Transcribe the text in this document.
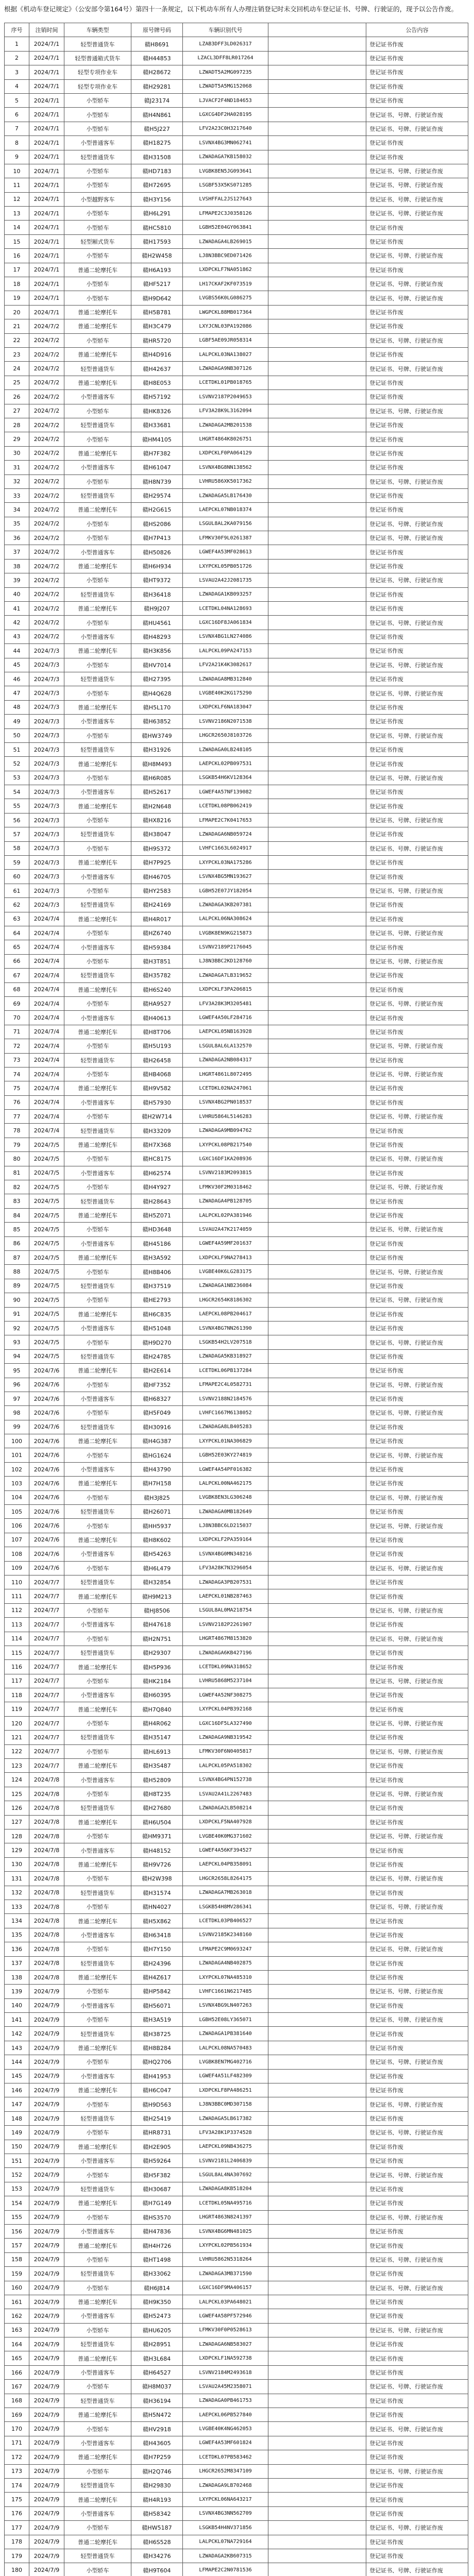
根据《机动车登记规定》（公安部令第164号）第四十一条规定，以下机动车所有人办理注销登记时未交回机动车登记证书、号牌、行驶证的，现予以公告作废。
序号	注销时间	车辆类型	原号牌号码	车辆识别代号		公告内容
1	2024/7/1	轻型普通货车	赣H8691	LZAB3DFF3LD026317		登记证书作废
2	2024/7/1	轻型普通箱式货车	赣H44853	LZACL3DFF8LR017264		登记证书作废
3	2024/7/1	轻型专项作业车	赣H28672	LZWADT5A2MG097235		登记证书作废
4	2024/7/1	轻型专项作业车	赣H29281	LZWADT5A5MG152068		登记证书作废
5	2024/7/1	小型轿车	赣J23174	LJVACF2F4ND184653		登记证书作废
6	2024/7/1	小型轿车	赣H4N861	LGXCG4DF2HA028195		登记证书、号牌、行驶证作废
7	2024/7/1	小型轿车	赣H5J227	LFV2A23C0H3217640		登记证书、号牌、行驶证作废
8	2024/7/1	小型普通客车	赣H18275	LSVNX4BG3MN062741		登记证书作废
9	2024/7/1	轻型普通货车	赣H31508	LZWADAGA7KB158032		登记证书作废
10	2024/7/1	小型轿车	赣HD7183	LVGBK8EN5JG093641		登记证书、号牌、行驶证作废
11	2024/7/1	小型轿车	赣H72695	LSGBF53X5KS071285		登记证书、号牌、行驶证作废
12	2024/7/1	小型越野客车	赣H3Y156	LVSHFFAL2JS127643		登记证书、号牌、行驶证作废
13	2024/7/1	小型轿车	赣H6L291	LFMAPE2C3J0358126		登记证书、号牌、行驶证作废
14	2024/7/1	小型轿车	赣HC5810	LGBH52E04GY063841		登记证书作废
15	2024/7/1	轻型厢式货车	赣H17593	LZWADAGA4LB269015		登记证书作废
16	2024/7/1	小型轿车	赣H2W458	LJ8N3BBC9ED071426		登记证书、号牌、行驶证作废
17	2024/7/1	普通二轮摩托车	赣H6A193	LXDPCKLF7NA051862		登记证书作废
18	2024/7/1	小型轿车	赣HF5217	LH17CKAF2KF073519		登记证书、号牌、行驶证作废
19	2024/7/1	小型轿车	赣H9D642	LVGBS56K0LG086275		登记证书、号牌、行驶证作废
20	2024/7/1	普通二轮摩托车	赣H5B781	LWGPCKL88MB017364		登记证书作废
21	2024/7/2	普通二轮摩托车	赣H3C479	LXYJCNL03PA192086		登记证书作废
22	2024/7/2	小型轿车	赣HR5720	LGBF5AE09JR058314		登记证书、号牌、行驶证作废
23	2024/7/2	普通二轮摩托车	赣H4D916	LALPCKL03NA138027		登记证书作废
24	2024/7/2	轻型普通货车	赣H42637	LZWADAGA9NB307126		登记证书、号牌、行驶证作废
25	2024/7/2	普通二轮摩托车	赣H8E053	LCETDKL01PB018765		登记证书作废
26	2024/7/2	小型普通客车	赣H57192	LSVNV2187P2049653		登记证书作废
27	2024/7/2	小型轿车	赣HK8326	LFV3A28K9L3162094		登记证书、号牌、行驶证作废
28	2024/7/2	轻型普通货车	赣H33681	LZWADAGA2MB201538		登记证书作废
29	2024/7/2	小型轿车	赣HM4105	LHGRT4864K8026751		登记证书作废
30	2024/7/2	普通二轮摩托车	赣H7F382	LXDPCKLF0PA064129		登记证书作废
31	2024/7/2	小型普通客车	赣H61047	LSVNX4BG8NN138562		登记证书作废
32	2024/7/2	小型轿车	赣H8N739	LVHRU586XK5017362		登记证书、号牌、行驶证作废
33	2024/7/2	轻型普通货车	赣H29574	LZWADAGA5LB176430		登记证书作废
34	2024/7/2	普通二轮摩托车	赣H2G615	LAEPCKL07NB018374		登记证书作废
35	2024/7/2	小型轿车	赣HS2086	LSGUL8AL2KA079156		登记证书、号牌、行驶证作废
36	2024/7/2	小型轿车	赣H7P413	LFMKV30F9L0261387		登记证书、号牌、行驶证作废
37	2024/7/2	小型普通客车	赣H50826	LGWEF4A53MF028613		登记证书作废
38	2024/7/2	普通二轮摩托车	赣H6H934	LXYPCKL05PB051726		登记证书作废
39	2024/7/2	小型轿车	赣HT9372	LSVAU2A42J2081735		登记证书、号牌、行驶证作废
40	2024/7/2	轻型普通货车	赣H36418	LZWADAGA1KB093257		登记证书作废
41	2024/7/2	普通二轮摩托车	赣H9J207	LCETDKL04NA128693		登记证书作废
42	2024/7/2	小型轿车	赣HU4561	LGXC16DF8JA061834		登记证书、号牌、行驶证作废
43	2024/7/2	小型普通客车	赣H48293	LSVNX4BG1LN274086		登记证书作废
44	2024/7/3	普通二轮摩托车	赣H3K856	LALPCKL09PA247153		登记证书作废
45	2024/7/3	小型轿车	赣HV7014	LFV2A21K4K3082617		登记证书、号牌、行驶证作废
46	2024/7/3	轻型普通货车	赣H27395	LZWADAGA8MB312840		登记证书作废
47	2024/7/3	小型轿车	赣H4Q628	LVGBE40K2KG175290		登记证书、号牌、行驶证作废
48	2024/7/3	普通二轮摩托车	赣H5L170	LXDPCKLF6NA183047		登记证书作废
49	2024/7/3	小型普通客车	赣H63852	LSVNV2186N2071538		登记证书作废
50	2024/7/3	小型轿车	赣HW3749	LHGCR2650J8103726		登记证书、号牌、行驶证作废
51	2024/7/3	轻型普通货车	赣H31926	LZWADAGA0LB248105		登记证书作废
52	2024/7/3	普通二轮摩托车	赣H8M493	LAEPCKL02PB097531		登记证书作废
53	2024/7/3	小型轿车	赣H6R085	LSGKB54H6KV128364		登记证书、号牌、行驶证作废
54	2024/7/3	小型普通客车	赣H52617	LGWEF4A57NF139082		登记证书作废
55	2024/7/3	普通二轮摩托车	赣H2N648	LCETDKL08PB062419		登记证书作废
56	2024/7/3	小型轿车	赣HX8216	LFMAPE2C7K0417653		登记证书、号牌、行驶证作废
57	2024/7/3	轻型普通货车	赣H38047	LZWADAGA6NB059724		登记证书作废
58	2024/7/3	小型轿车	赣H9S372	LVHFC1663L6024917		登记证书、号牌、行驶证作废
59	2024/7/3	普通二轮摩托车	赣H7P925	LXYPCKL03NA175286		登记证书作废
60	2024/7/3	小型普通客车	赣H46705	LSVNX4BG5MN193627		登记证书作废
61	2024/7/3	小型轿车	赣HY2583	LGBH52E07JY182054		登记证书、号牌、行驶证作废
62	2024/7/3	轻型普通货车	赣H24169	LZWADAGA3KB207381		登记证书作废
63	2024/7/4	普通二轮摩托车	赣H4R017	LALPCKL06NA308624		登记证书作废
64	2024/7/4	小型轿车	赣HZ6740	LVGBK8EN9KG215873		登记证书、号牌、行驶证作废
65	2024/7/4	小型普通客车	赣H59384	LSVNV2189P2176045		登记证书作废
66	2024/7/4	小型轿车	赣H3T851	LJ8N3BBC2KD128760		登记证书、号牌、行驶证作废
67	2024/7/4	轻型普通货车	赣H35782	LZWADAGA7LB319652		登记证书作废
68	2024/7/4	普通二轮摩托车	赣H6S240	LXDPCKLF3PA206815		登记证书作废
69	2024/7/4	小型轿车	赣HA9527	LFV3A28K3M3205481		登记证书、号牌、行驶证作废
70	2024/7/4	小型普通客车	赣H40613	LGWEF4A50LF284716		登记证书作废
71	2024/7/4	普通二轮摩托车	赣H8T706	LAEPCKL05NB163928		登记证书作废
72	2024/7/4	小型轿车	赣H5U193	LSGUL8AL6LA132570		登记证书、号牌、行驶证作废
73	2024/7/4	轻型普通货车	赣H26458	LZWADAGA2NB084317		登记证书作废
74	2024/7/4	小型轿车	赣HB4068	LHGRT4861L8072495		登记证书、号牌、行驶证作废
75	2024/7/4	普通二轮摩托车	赣H9V582	LCETDKL02NA247061		登记证书作废
76	2024/7/4	小型普通客车	赣H57930	LSVNX4BG2PN018537		登记证书作废
77	2024/7/4	小型轿车	赣H2W714	LVHRU5864L5146283		登记证书、号牌、行驶证作废
78	2024/7/4	轻型普通货车	赣H33209	LZWADAGA9MB094762		登记证书作废
79	2024/7/5	普通二轮摩托车	赣H7X368	LXYPCKL08PB217540		登记证书作废
80	2024/7/5	小型轿车	赣HC8175	LGXC16DF1KA208936		登记证书、号牌、行驶证作废
81	2024/7/5	小型普通客车	赣H62574	LSVNV2183M2093815		登记证书作废
82	2024/7/5	小型轿车	赣H4Y927	LFMKV30F2M0318462		登记证书、号牌、行驶证作废
83	2024/7/5	轻型普通货车	赣H28643	LZWADAGA4PB128705		登记证书作废
84	2024/7/5	普通二轮摩托车	赣H5Z071	LALPCKL02PA381946		登记证书作废
85	2024/7/5	小型轿车	赣HD3648	LSVAU2A47K2174059		登记证书、号牌、行驶证作废
86	2024/7/5	小型普通客车	赣H45186	LGWEF4A59MF201637		登记证书作废
87	2024/7/5	普通二轮摩托车	赣H3A592	LXDPCKLF9NA278413		登记证书作废
88	2024/7/5	小型轿车	赣H8B406	LVGBE40K6LG283175		登记证书、号牌、行驶证作废
89	2024/7/5	轻型普通货车	赣H37519	LZWADAGA1NB236084		登记证书作废
90	2024/7/5	小型轿车	赣HE2793	LHGCR2654K8186302		登记证书、号牌、行驶证作废
91	2024/7/5	普通二轮摩托车	赣H6C835	LAEPCKL08PB204617		登记证书作废
92	2024/7/5	小型普通客车	赣H51048	LSVNX4BG7NN261390		登记证书作废
93	2024/7/5	小型轿车	赣H9D270	LSGKB54H2LV207518		登记证书、号牌、行驶证作废
94	2024/7/5	轻型普通货车	赣H24785	LZWADAGA5KB318927		登记证书作废
95	2024/7/6	普通二轮摩托车	赣H2E614	LCETDKL06PB137284		登记证书作废
96	2024/7/6	小型轿车	赣HF7352	LFMAPE2C4L0582731		登记证书、号牌、行驶证作废
97	2024/7/6	小型普通客车	赣H68327	LSVNV2188N2184576		登记证书作废
98	2024/7/6	小型轿车	赣H5F049	LVHFC1667M6138052		登记证书、号牌、行驶证作废
99	2024/7/6	轻型普通货车	赣H30916	LZWADAGA8LB405283		登记证书作废
100	2024/7/6	普通二轮摩托车	赣H4G387	LXYPCKL01NA306829		登记证书作废
101	2024/7/6	小型轿车	赣HG1624	LGBH52E03KY274819		登记证书、号牌、行驶证作废
102	2024/7/6	小型普通客车	赣H43790	LGWEF4A54PF016382		登记证书作废
103	2024/7/6	普通二轮摩托车	赣H7H158	LALPCKL00NA462175		登记证书作废
104	2024/7/6	小型轿车	赣H3J825	LVGBK8EN3LG306248		登记证书、号牌、行驶证作废
105	2024/7/6	轻型普通货车	赣H26071	LZWADAGA0MB182649		登记证书作废
106	2024/7/6	小型轿车	赣HH5937	LJ8N3BBC6LD215037		登记证书、号牌、行驶证作废
107	2024/7/6	普通二轮摩托车	赣H8K602	LXDPCKLF2PA359164		登记证书作废
108	2024/7/6	小型普通客车	赣H54263	LSVNX4BG0MN348216		登记证书作废
109	2024/7/6	小型轿车	赣H6L479	LFV3A28K7N3296054		登记证书、号牌、行驶证作废
110	2024/7/7	轻型普通货车	赣H32854	LZWADAGA3PB207531		登记证书作废
111	2024/7/7	普通二轮摩托车	赣H9M213	LAEPCKL01NB287463		登记证书作废
112	2024/7/7	小型轿车	赣HJ8506	LSGUL8AL0MA218754		登记证书、号牌、行驶证作废
113	2024/7/7	小型普通客车	赣H47618	LSVNV2182P2261907		登记证书作废
114	2024/7/7	小型轿车	赣H2N751	LHGRT4867M8153820		登记证书、号牌、行驶证作废
115	2024/7/7	轻型普通货车	赣H29307	LZWADAGA6KB427196		登记证书作废
116	2024/7/7	普通二轮摩托车	赣H5P936	LCETDKL09NA318652		登记证书作废
117	2024/7/7	小型轿车	赣HK2184	LVHRU5868M5237104		登记证书、号牌、行驶证作废
118	2024/7/7	小型普通客车	赣H60395	LGWEF4A52NF308275		登记证书作废
119	2024/7/7	普通二轮摩托车	赣H7Q840	LXYPCKL04PB392168		登记证书作废
120	2024/7/7	小型轿车	赣H4R062	LGXC16DF5LA327490		登记证书、号牌、行驶证作废
121	2024/7/7	轻型普通货车	赣H35147	LZWADAGA9NB319542		登记证书作废
122	2024/7/7	小型轿车	赣HL6913	LFMKV30F6N0405817		登记证书、号牌、行驶证作废
123	2024/7/7	普通二轮摩托车	赣H3S487	LALPCKL05PA518302		登记证书作废
124	2024/7/8	小型普通客车	赣H52809	LSVNX4BG4PN152738		登记证书作废
125	2024/7/8	小型轿车	赣H8T235	LSVAU2A41L2267483		登记证书、号牌、行驶证作废
126	2024/7/8	轻型普通货车	赣H27680	LZWADAGA2LB508214		登记证书作废
127	2024/7/8	普通二轮摩托车	赣H6U504	LXDPCKLF5NA407928		登记证书作废
128	2024/7/8	小型轿车	赣HM9371	LVGBE40K0MG371602		登记证书、号牌、行驶证作废
129	2024/7/8	小型普通客车	赣H48152	LGWEF4A56KF394527		登记证书作废
130	2024/7/8	普通二轮摩托车	赣H9V726	LAEPCKL04PB358091		登记证书作废
131	2024/7/8	小型轿车	赣H2W398	LHGCR2658L8264175		登记证书、号牌、行驶证作废
132	2024/7/8	轻型普通货车	赣H31574	LZWADAGA7MB263018		登记证书作废
133	2024/7/8	小型轿车	赣HN4027	LSGKB54H8MV286341		登记证书、号牌、行驶证作废
134	2024/7/8	普通二轮摩托车	赣H5X862	LCETDKL03PB406527		登记证书作废
135	2024/7/8	小型普通客车	赣H63418	LSVNV2185K2348160		登记证书作废
136	2024/7/8	小型轿车	赣H7Y150	LFMAPE2C9M0693247		登记证书、号牌、行驶证作废
137	2024/7/8	轻型普通货车	赣H24396	LZWADAGA4NB402875		登记证书作废
138	2024/7/8	普通二轮摩托车	赣H4Z617	LXYPCKL07NA485310		登记证书作废
139	2024/7/9	小型轿车	赣HP5842	LVHFC1661N6217485		登记证书、号牌、行驶证作废
140	2024/7/9	小型普通客车	赣H56071	LSVNX4BG9LN407263		登记证书作废
141	2024/7/9	小型轿车	赣H3A519	LGBH52E08LY365071		登记证书、号牌、行驶证作废
142	2024/7/9	轻型普通货车	赣H38725	LZWADAGA1PB381640		登记证书作废
143	2024/7/9	普通二轮摩托车	赣H8B284	LALPCKL08NA570483		登记证书作废
144	2024/7/9	小型轿车	赣HQ2706	LVGBK8EN7MG402716		登记证书、号牌、行驶证作废
145	2024/7/9	小型普通客车	赣H41953	LGWEF4A51LF482309		登记证书作废
146	2024/7/9	普通二轮摩托车	赣H6C047	LXDPCKLF8PA486251		登记证书作废
147	2024/7/9	小型轿车	赣H9D563	LJ8N3BBC0MD307158		登记证书、号牌、行驶证作废
148	2024/7/9	轻型普通货车	赣H25419	LZWADAGA5LB617382		登记证书作废
149	2024/7/9	小型轿车	赣HR8731	LFV3A28K1P3374528		登记证书、号牌、行驶证作废
150	2024/7/9	普通二轮摩托车	赣H2E905	LAEPCKL09NB436275		登记证书作废
151	2024/7/9	小型普通客车	赣H59264	LSVNV2181L2406839		登记证书作废
152	2024/7/9	小型轿车	赣H5F382	LSGUL8AL4NA307692		登记证书、号牌、行驶证作废
153	2024/7/9	轻型普通货车	赣H30687	LZWADAGA8KB518204		登记证书作废
154	2024/7/9	普通二轮摩托车	赣H7G149	LCETDKL05NA495716		登记证书作废
155	2024/7/9	小型轿车	赣HS3570	LHGRT4863N8241397		登记证书、号牌、行驶证作废
156	2024/7/9	小型普通客车	赣H47836	LSVNX4BG6MN481025		登记证书作废
157	2024/7/9	普通二轮摩托车	赣H4H726	LXYPCKL02PB561934		登记证书作废
158	2024/7/9	小型轿车	赣HT1498	LVHRU5862N5318264		登记证书、号牌、行驶证作废
159	2024/7/9	轻型普通货车	赣H33062	LZWADAGA3MB371590		登记证书作废
160	2024/7/9	小型轿车	赣H6J814	LGXC16DF9MA406157		登记证书、号牌、行驶证作废
161	2024/7/9	普通二轮摩托车	赣H9K350	LALPCKL03PA648021		登记证书作废
162	2024/7/9	小型普通客车	赣H52473	LGWEF4A58PF572946		登记证书作废
163	2024/7/9	小型轿车	赣HU6205	LFMKV30F0P0528613		登记证书、号牌、行驶证作废
164	2024/7/9	轻型普通货车	赣H28951	LZWADAGA6NB583027		登记证书作废
165	2024/7/9	普通二轮摩托车	赣H3L684	LXDPCKLF1NA592738		登记证书作废
166	2024/7/9	小型普通客车	赣H64527	LSVNV2184M2493618		登记证书作废
167	2024/7/9	小型轿车	赣H8M037	LSVAU2A45M2358071		登记证书、号牌、行驶证作废
168	2024/7/9	轻型普通货车	赣H36194	LZWADAGA0PB461753		登记证书作废
169	2024/7/9	普通二轮摩托车	赣H5N472	LAEPCKL06PB527840		登记证书作废
170	2024/7/9	小型轿车	赣HV2918	LVGBE40K4NG462053		登记证书、号牌、行驶证作废
171	2024/7/9	小型普通客车	赣H43605	LGWEF4A53MF601824		登记证书作废
172	2024/7/9	普通二轮摩托车	赣H7P259	LCETDKL07PB583462		登记证书作废
173	2024/7/9	小型轿车	赣H2Q746	LHGCR2652M8347109		登记证书、号牌、行驶证作废
174	2024/7/9	轻型普通货车	赣H29830	LZWADAGA9LB702468		登记证书作废
175	2024/7/9	普通二轮摩托车	赣H4R193	LXYPCKL06NA643217		登记证书作废
176	2024/7/9	小型普通客车	赣H58342	LSVNX4BG3NN562709		登记证书作废
177	2024/7/9	小型轿车	赣HW5187	LSGKB54H4NV371856		登记证书、号牌、行驶证作废
178	2024/7/9	普通二轮摩托车	赣H6S528	LALPCKL07NA729164		登记证书作废
179	2024/7/9	轻型普通货车	赣H34276	LZWADAGA2KB607315		登记证书作废
180	2024/7/9	小型轿车	赣H9T604	LFMAPE2C2N0781536		登记证书、号牌、行驶证作废
